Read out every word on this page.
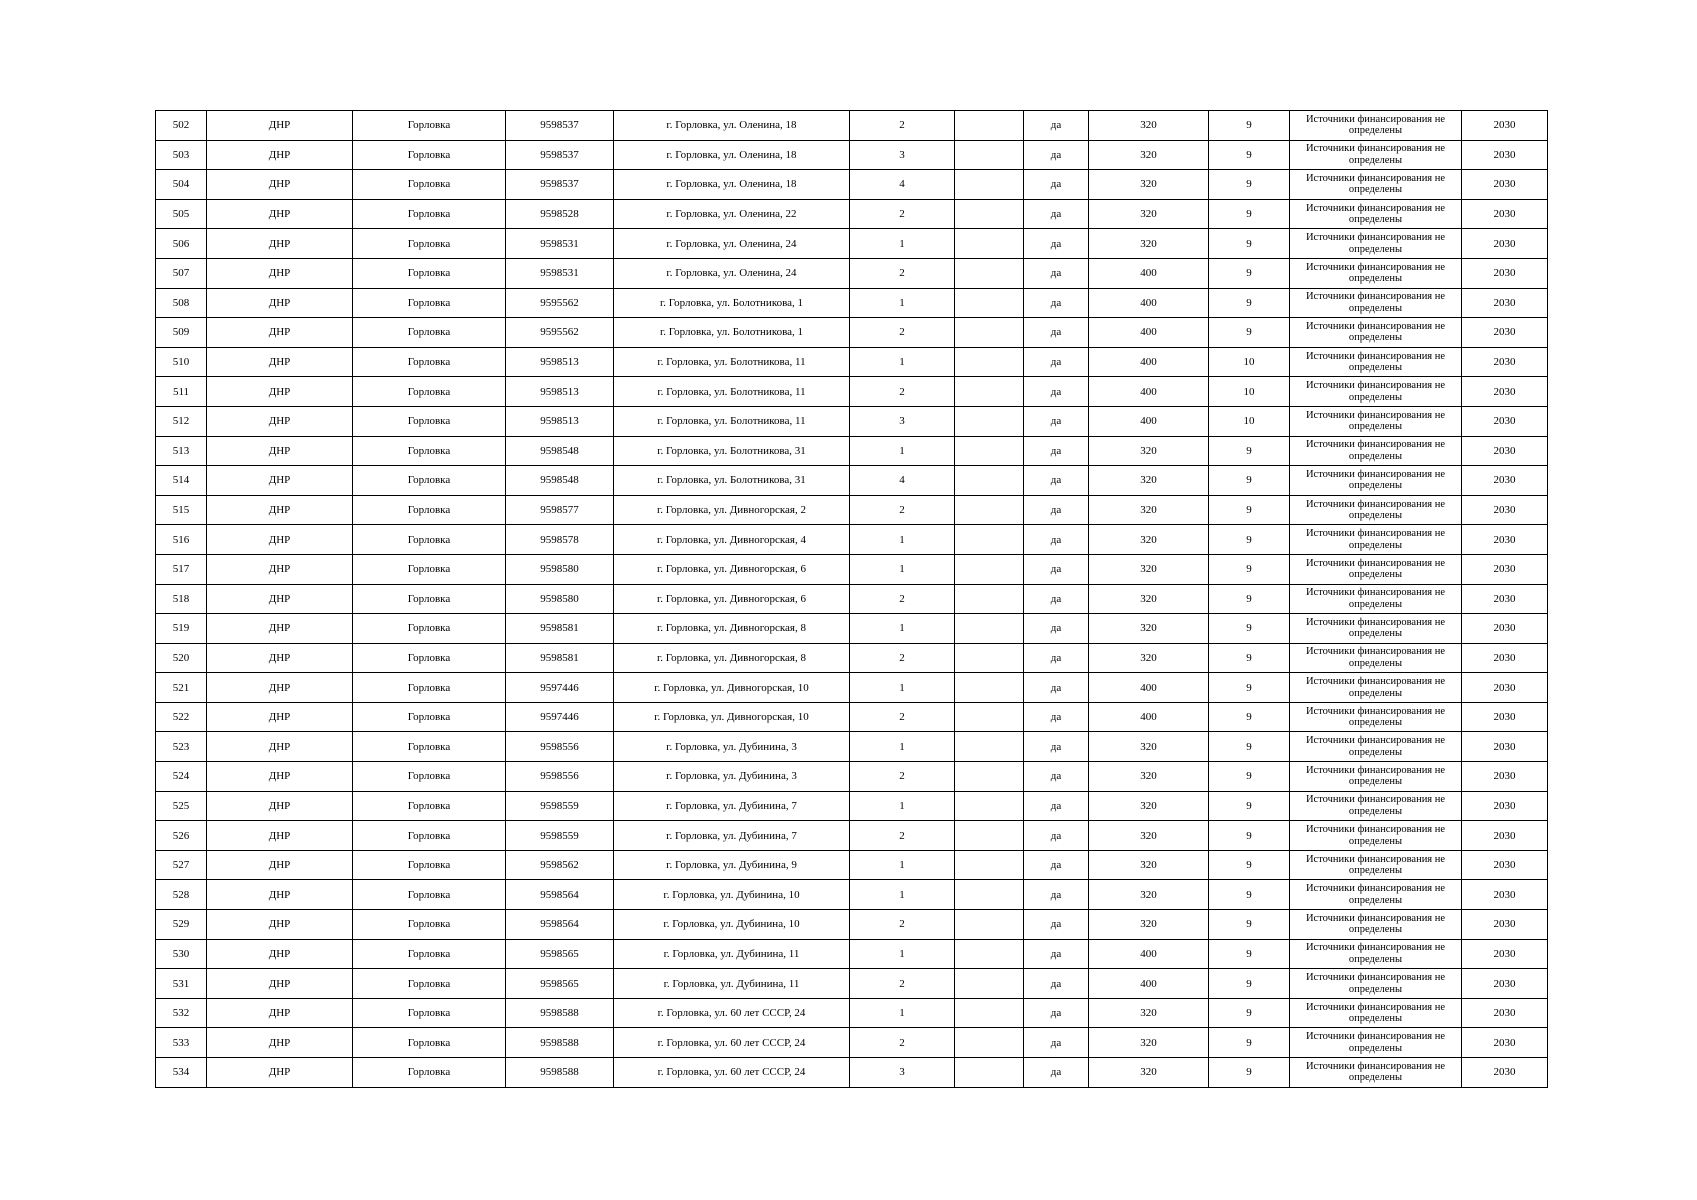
502	ДНР	Горловка	9598537	г. Горловка, ул. Оленина, 18	2		да	320	9	Источники финансирования не определены	2030
503	ДНР	Горловка	9598537	г. Горловка, ул. Оленина, 18	3		да	320	9	Источники финансирования не определены	2030
504	ДНР	Горловка	9598537	г. Горловка, ул. Оленина, 18	4		да	320	9	Источники финансирования не определены	2030
505	ДНР	Горловка	9598528	г. Горловка, ул. Оленина, 22	2		да	320	9	Источники финансирования не определены	2030
506	ДНР	Горловка	9598531	г. Горловка, ул. Оленина, 24	1		да	320	9	Источники финансирования не определены	2030
507	ДНР	Горловка	9598531	г. Горловка, ул. Оленина, 24	2		да	400	9	Источники финансирования не определены	2030
508	ДНР	Горловка	9595562	г. Горловка, ул. Болотникова, 1	1		да	400	9	Источники финансирования не определены	2030
509	ДНР	Горловка	9595562	г. Горловка, ул. Болотникова, 1	2		да	400	9	Источники финансирования не определены	2030
510	ДНР	Горловка	9598513	г. Горловка, ул. Болотникова, 11	1		да	400	10	Источники финансирования не определены	2030
511	ДНР	Горловка	9598513	г. Горловка, ул. Болотникова, 11	2		да	400	10	Источники финансирования не определены	2030
512	ДНР	Горловка	9598513	г. Горловка, ул. Болотникова, 11	3		да	400	10	Источники финансирования не определены	2030
513	ДНР	Горловка	9598548	г. Горловка, ул. Болотникова, 31	1		да	320	9	Источники финансирования не определены	2030
514	ДНР	Горловка	9598548	г. Горловка, ул. Болотникова, 31	4		да	320	9	Источники финансирования не определены	2030
515	ДНР	Горловка	9598577	г. Горловка, ул. Дивногорская, 2	2		да	320	9	Источники финансирования не определены	2030
516	ДНР	Горловка	9598578	г. Горловка, ул. Дивногорская, 4	1		да	320	9	Источники финансирования не определены	2030
517	ДНР	Горловка	9598580	г. Горловка, ул. Дивногорская, 6	1		да	320	9	Источники финансирования не определены	2030
518	ДНР	Горловка	9598580	г. Горловка, ул. Дивногорская, 6	2		да	320	9	Источники финансирования не определены	2030
519	ДНР	Горловка	9598581	г. Горловка, ул. Дивногорская, 8	1		да	320	9	Источники финансирования не определены	2030
520	ДНР	Горловка	9598581	г. Горловка, ул. Дивногорская, 8	2		да	320	9	Источники финансирования не определены	2030
521	ДНР	Горловка	9597446	г. Горловка, ул. Дивногорская, 10	1		да	400	9	Источники финансирования не определены	2030
522	ДНР	Горловка	9597446	г. Горловка, ул. Дивногорская, 10	2		да	400	9	Источники финансирования не определены	2030
523	ДНР	Горловка	9598556	г. Горловка, ул. Дубинина, 3	1		да	320	9	Источники финансирования не определены	2030
524	ДНР	Горловка	9598556	г. Горловка, ул. Дубинина, 3	2		да	320	9	Источники финансирования не определены	2030
525	ДНР	Горловка	9598559	г. Горловка, ул. Дубинина, 7	1		да	320	9	Источники финансирования не определены	2030
526	ДНР	Горловка	9598559	г. Горловка, ул. Дубинина, 7	2		да	320	9	Источники финансирования не определены	2030
527	ДНР	Горловка	9598562	г. Горловка, ул. Дубинина, 9	1		да	320	9	Источники финансирования не определены	2030
528	ДНР	Горловка	9598564	г. Горловка, ул. Дубинина, 10	1		да	320	9	Источники финансирования не определены	2030
529	ДНР	Горловка	9598564	г. Горловка, ул. Дубинина, 10	2		да	320	9	Источники финансирования не определены	2030
530	ДНР	Горловка	9598565	г. Горловка, ул. Дубинина, 11	1		да	400	9	Источники финансирования не определены	2030
531	ДНР	Горловка	9598565	г. Горловка, ул. Дубинина, 11	2		да	400	9	Источники финансирования не определены	2030
532	ДНР	Горловка	9598588	г. Горловка, ул. 60 лет СССР, 24	1		да	320	9	Источники финансирования не определены	2030
533	ДНР	Горловка	9598588	г. Горловка, ул. 60 лет СССР, 24	2		да	320	9	Источники финансирования не определены	2030
534	ДНР	Горловка	9598588	г. Горловка, ул. 60 лет СССР, 24	3		да	320	9	Источники финансирования не определены	2030
